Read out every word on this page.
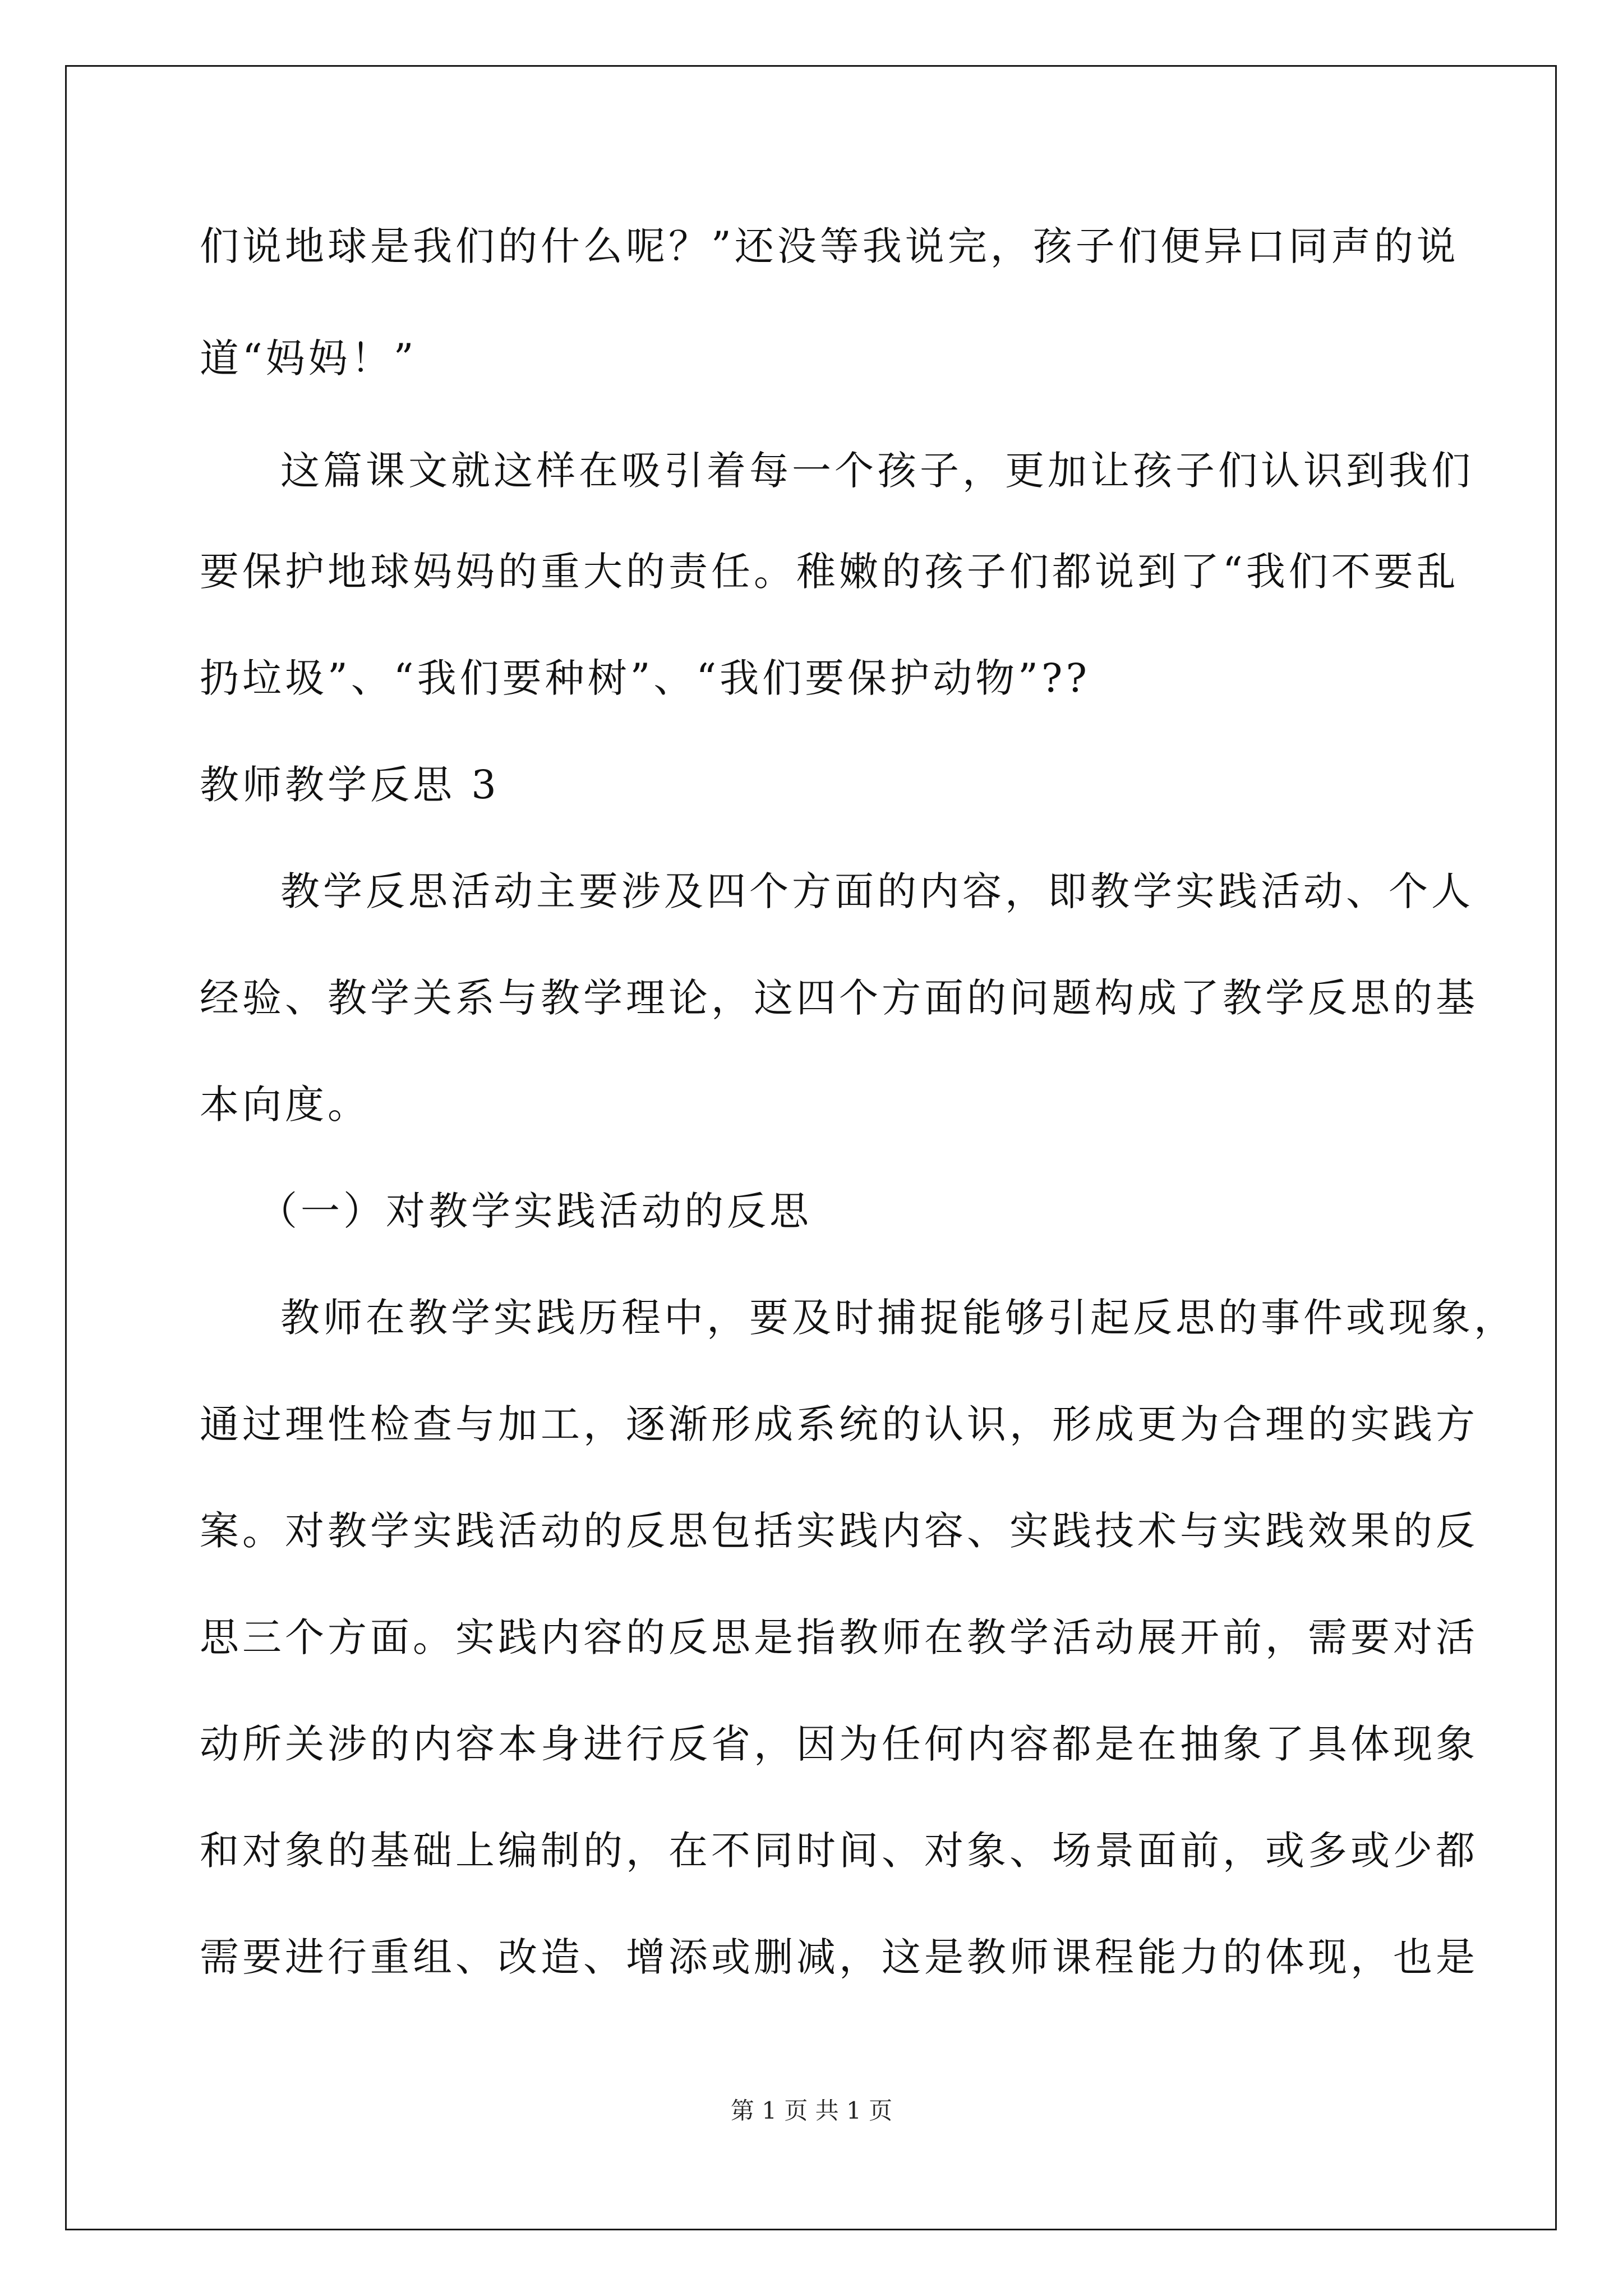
们说地球是我们的什么呢？”还没等我说完，孩子们便异口同声的说
道“妈妈！”
这篇课文就这样在吸引着每一个孩子，更加让孩子们认识到我们
要保护地球妈妈的重大的责任。稚嫩的孩子们都说到了“我们不要乱
扔垃圾”、“我们要种树”、“我们要保护动物”??
教师教学反思 3
教学反思活动主要涉及四个方面的内容，即教学实践活动、个人
经验、教学关系与教学理论，这四个方面的问题构成了教学反思的基
本向度。
（一）对教学实践活动的反思
教师在教学实践历程中，要及时捕捉能够引起反思的事件或现象，
通过理性检查与加工，逐渐形成系统的认识，形成更为合理的实践方
案。对教学实践活动的反思包括实践内容、实践技术与实践效果的反
思三个方面。实践内容的反思是指教师在教学活动展开前，需要对活
动所关涉的内容本身进行反省，因为任何内容都是在抽象了具体现象
和对象的基础上编制的，在不同时间、对象、场景面前，或多或少都
需要进行重组、改造、增添或删减，这是教师课程能力的体现，也是
第 1 页 共 1 页
